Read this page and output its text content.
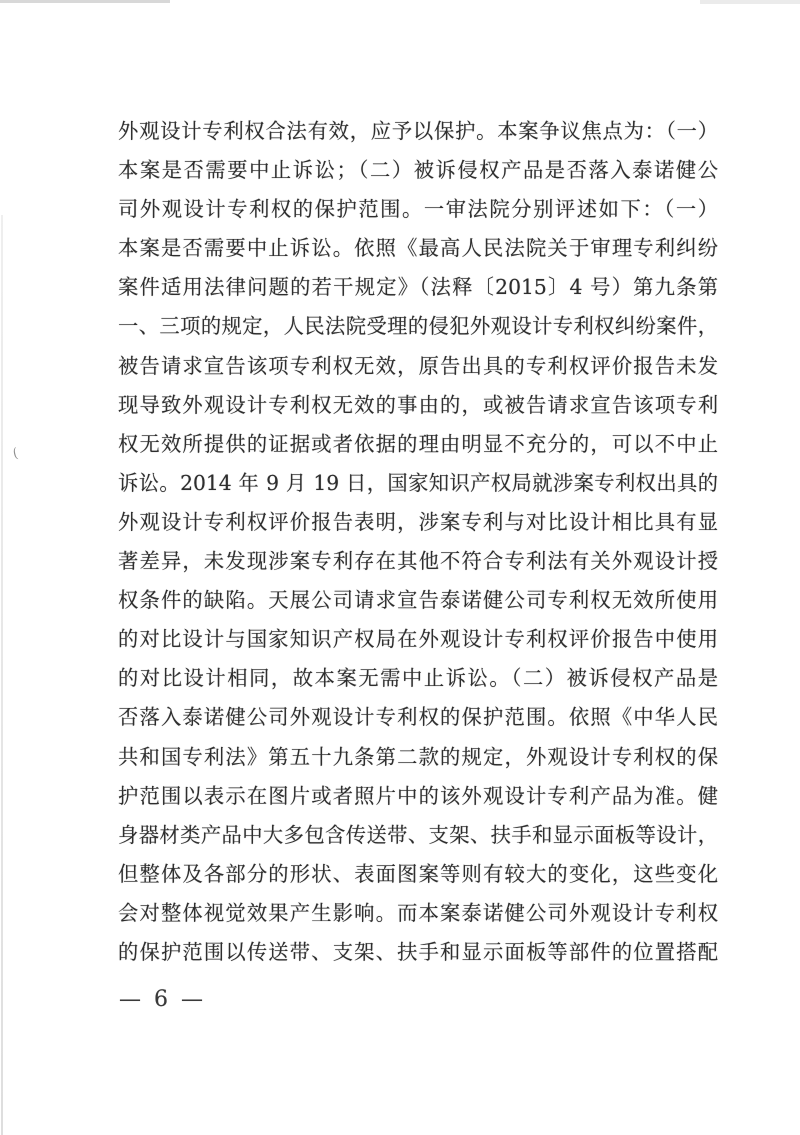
(
外观设计专利权合法有效，应予以保护。本案争议焦点为：（一）
本案是否需要中止诉讼；（二）被诉侵权产品是否落入泰诺健公
司外观设计专利权的保护范围。一审法院分别评述如下：（一）
本案是否需要中止诉讼。依照《最高人民法院关于审理专利纠纷
案件适用法律问题的若干规定》（法释〔2015〕4 号）第九条第
一、三项的规定，人民法院受理的侵犯外观设计专利权纠纷案件，
被告请求宣告该项专利权无效，原告出具的专利权评价报告未发
现导致外观设计专利权无效的事由的，或被告请求宣告该项专利
权无效所提供的证据或者依据的理由明显不充分的，可以不中止
诉讼。2014 年 9 月 19 日，国家知识产权局就涉案专利权出具的
外观设计专利权评价报告表明，涉案专利与对比设计相比具有显
著差异，未发现涉案专利存在其他不符合专利法有关外观设计授
权条件的缺陷。天展公司请求宣告泰诺健公司专利权无效所使用
的对比设计与国家知识产权局在外观设计专利权评价报告中使用
的对比设计相同，故本案无需中止诉讼。（二）被诉侵权产品是
否落入泰诺健公司外观设计专利权的保护范围。依照《中华人民
共和国专利法》第五十九条第二款的规定，外观设计专利权的保
护范围以表示在图片或者照片中的该外观设计专利产品为准。健
身器材类产品中大多包含传送带、支架、扶手和显示面板等设计，
但整体及各部分的形状、表面图案等则有较大的变化，这些变化
会对整体视觉效果产生影响。而本案泰诺健公司外观设计专利权
的保护范围以传送带、支架、扶手和显示面板等部件的位置搭配
— 6 —
